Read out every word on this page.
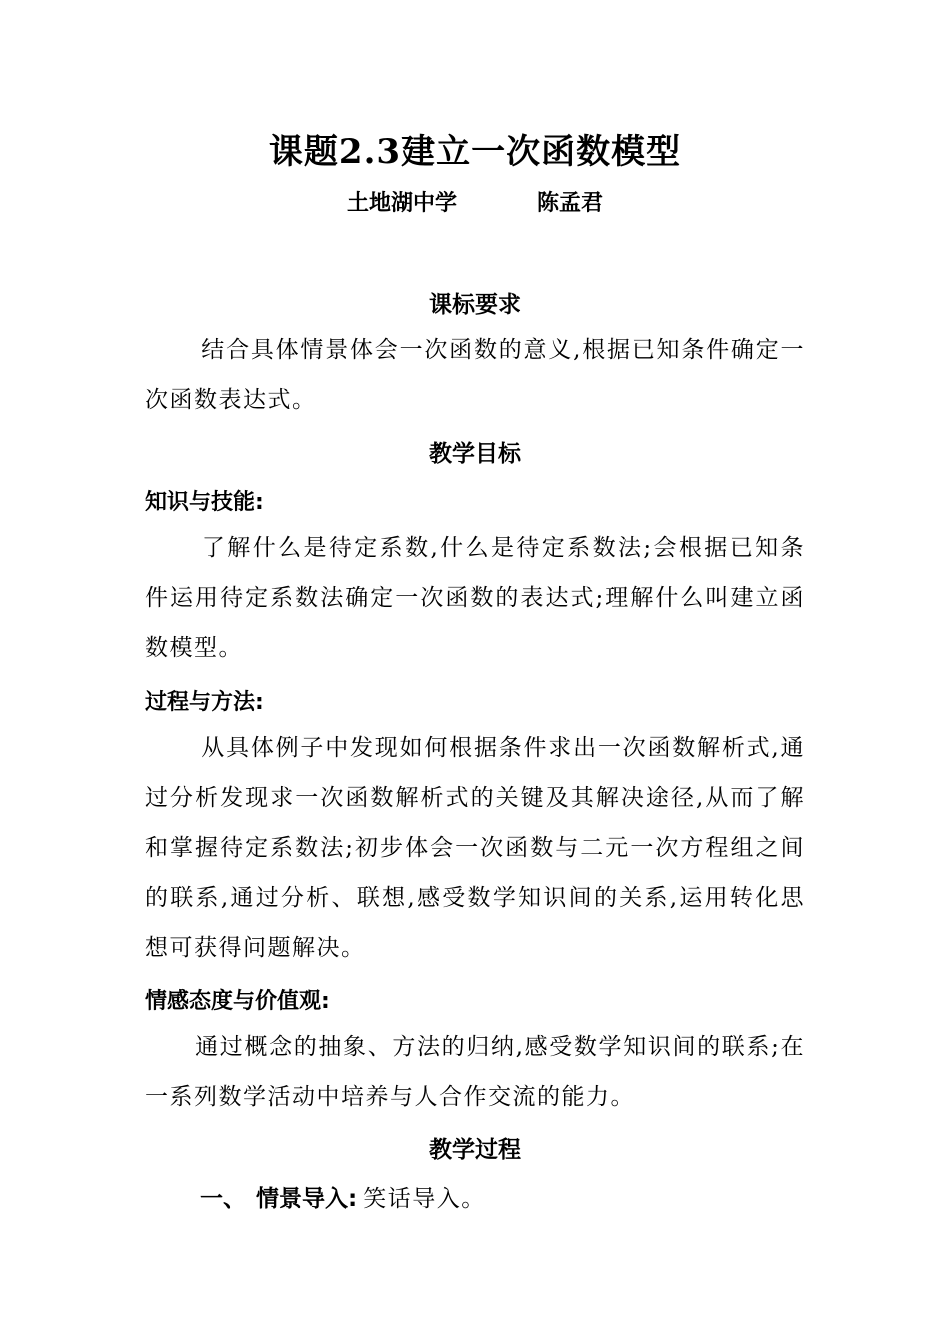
课题2.3建立一次函数模型
土地湖中学	陈孟君
课标要求
结合具体情景体会一次函数的意义,根据已知条件确定一次函数表达式。
教学目标
知识与技能:
了解什么是待定系数,什么是待定系数法;会根据已知条件运用待定系数法确定一次函数的表达式;理解什么叫建立函数模型。
过程与方法:
从具体例子中发现如何根据条件求出一次函数解析式,通过分析发现求一次函数解析式的关键及其解决途径,从而了解和掌握待定系数法;初步体会一次函数与二元一次方程组之间的联系,通过分析、联想,感受数学知识间的关系,运用转化思想可获得问题解决。
情感态度与价值观:
通过概念的抽象、方法的归纳,感受数学知识间的联系;在一系列数学活动中培养与人合作交流的能力。
教学过程
一、 情景导入: 笑话导入。
